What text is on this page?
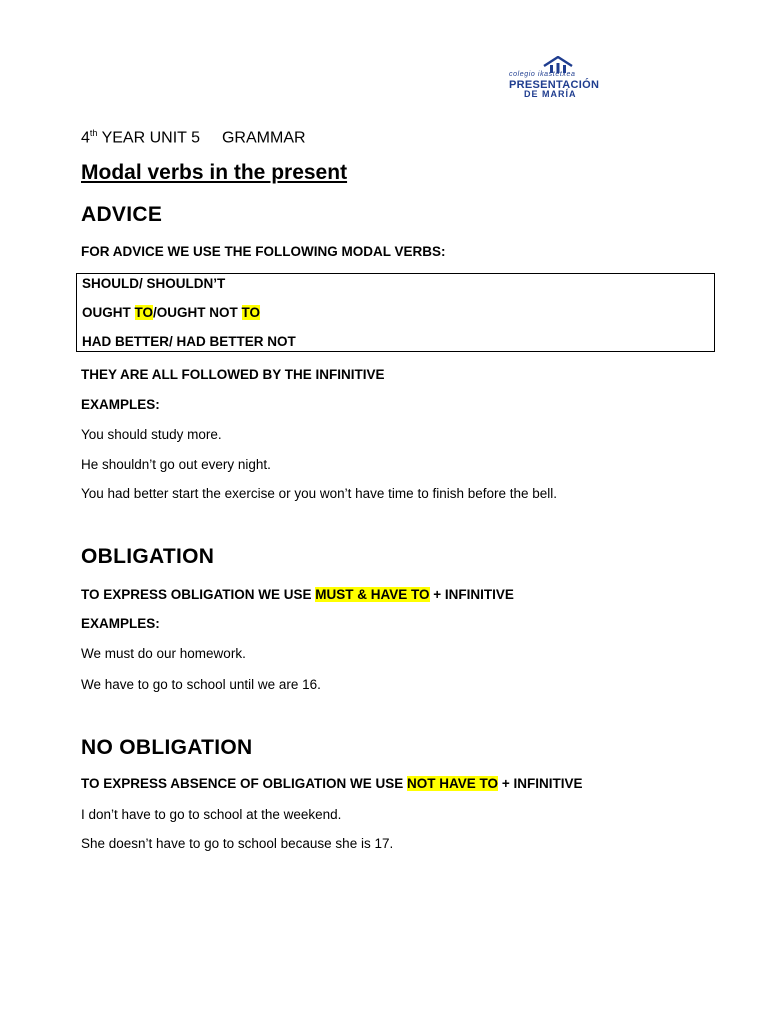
colegio ikastetxea
PRESENTACIÓN
DE MARÍA
4th YEAR UNIT 5 GRAMMAR
Modal verbs in the present
ADVICE
FOR ADVICE WE USE THE FOLLOWING MODAL VERBS:
SHOULD/ SHOULDN’T
OUGHT TO/OUGHT NOT TO
HAD BETTER/ HAD BETTER NOT
THEY ARE ALL FOLLOWED BY THE INFINITIVE
EXAMPLES:
You should study more.
He shouldn’t go out every night.
You had better start the exercise or you won’t have time to finish before the bell.
OBLIGATION
TO EXPRESS OBLIGATION WE USE MUST & HAVE TO + INFINITIVE
EXAMPLES:
We must do our homework.
We have to go to school until we are 16.
NO OBLIGATION
TO EXPRESS ABSENCE OF OBLIGATION WE USE NOT HAVE TO + INFINITIVE
I don’t have to go to school at the weekend.
She doesn’t have to go to school because she is 17.
